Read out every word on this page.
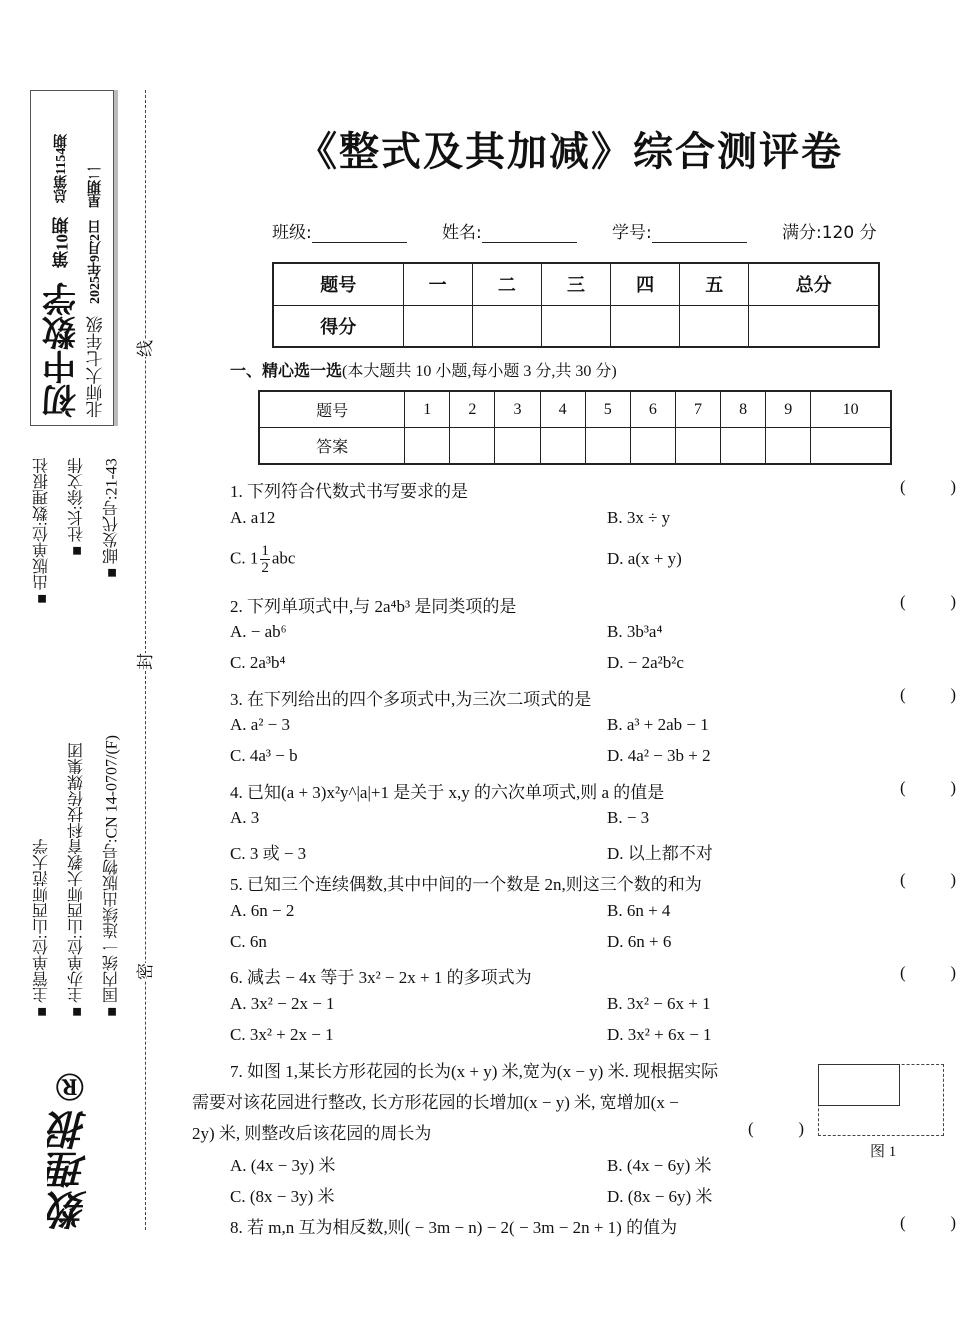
初中数学
第10期
总第1154期
北师大七年级
2025年9月2日
星期二
■主管单位:山西师范大学
■出版单位:数理报社
■主办单位:山西师大教育科技传媒集团
■社长:徐文伟
■国内统一连续出版物号:CN 14-0707/(F)
■邮发代号:21-43
数理报®
线
封
密
《整式及其加减》综合测评卷
班级:	姓名:	学号:	满分:120 分
题号	一	二	三	四	五	总分
得分						
一、精心选一选(本大题共 10 小题,每小题 3 分,共 30 分)
题号	1	2	3	4	5	6	7	8	9	10
答案										
1. 下列符合代数式书写要求的是	(	)
A. a12	B. 3x ÷ y
C. $1 \frac{1}{2}$ abc	D. a(x + y)
2. 下列单项式中,与 2a⁴b³ 是同类项的是	(	)
A. − ab⁶	B. 3b³a⁴
C. 2a³b⁴	D. − 2a²b²c
3. 在下列给出的四个多项式中,为三次二项式的是	(	)
A. a² − 3	B. a³ + 2ab − 1
C. 4a³ − b	D. 4a² − 3b + 2
4. 已知(a + 3)x²y^|a|+1 是关于 x,y 的六次单项式,则 a 的值是	(	)
A. 3	B. − 3
C. 3 或 − 3	D. 以上都不对
5. 已知三个连续偶数,其中中间的一个数是 2n,则这三个数的和为	(	)
A. 6n − 2	B. 6n + 4
C. 6n	D. 6n + 6
6. 减去 − 4x 等于 3x² − 2x + 1 的多项式为	(	)
A. 3x² − 2x − 1	B. 3x² − 6x + 1
C. 3x² + 2x − 1	D. 3x² + 6x − 1
7. 如图 1,某长方形花园的长为(x + y) 米,宽为(x − y) 米. 现根据实际
需要对该花园进行整改, 长方形花园的长增加(x − y) 米, 宽增加(x −
2y) 米, 则整改后该花园的周长为	(	)
A. (4x − 3y) 米	B. (4x − 6y) 米
C. (8x − 3y) 米	D. (8x − 6y) 米
8. 若 m,n 互为相反数,则( − 3m − n) − 2( − 3m − 2n + 1) 的值为	(	)
图 1
